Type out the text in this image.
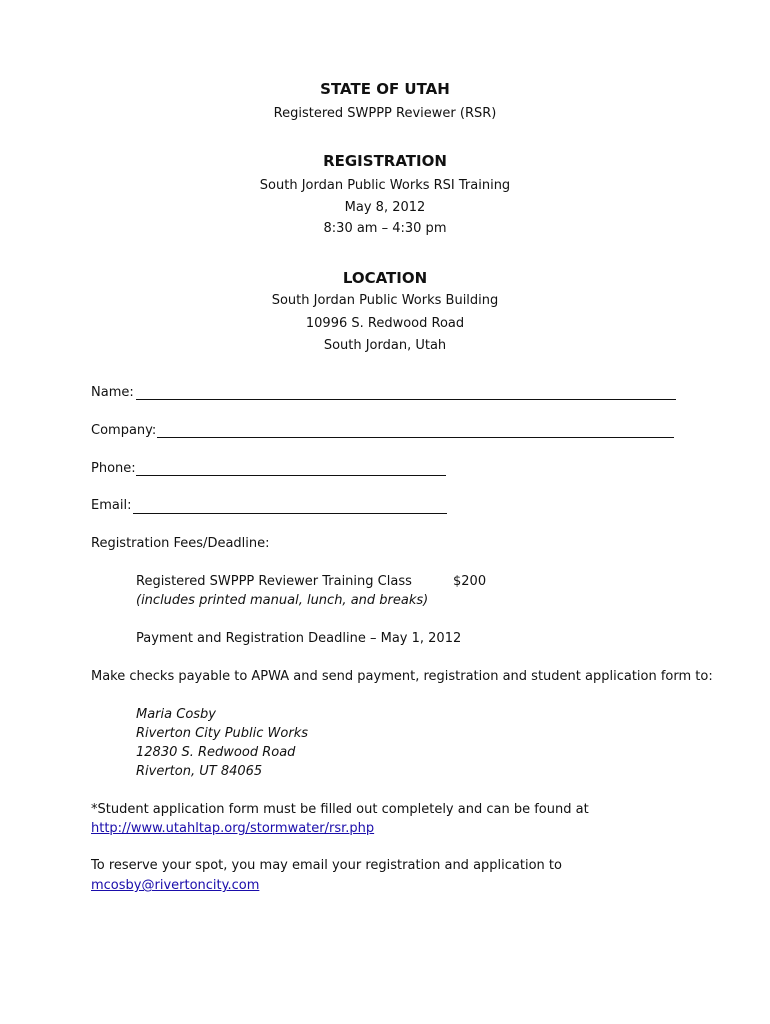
STATE OF UTAH
Registered SWPPP Reviewer (RSR)
REGISTRATION
South Jordan Public Works RSI Training
May 8, 2012
8:30 am – 4:30 pm
LOCATION
South Jordan Public Works Building
10996 S. Redwood Road
South Jordan, Utah
Name:
Company:
Phone:
Email:
Registration Fees/Deadline:
Registered SWPPP Reviewer Training Class	$200
(includes printed manual, lunch, and breaks)
Payment and Registration Deadline – May 1, 2012
Make checks payable to APWA and send payment, registration and student application form to:
Maria Cosby
Riverton City Public Works
12830 S. Redwood Road
Riverton, UT 84065
*Student application form must be filled out completely and can be found at
http://www.utahltap.org/stormwater/rsr.php
To reserve your spot, you may email your registration and application to
mcosby@rivertoncity.com
